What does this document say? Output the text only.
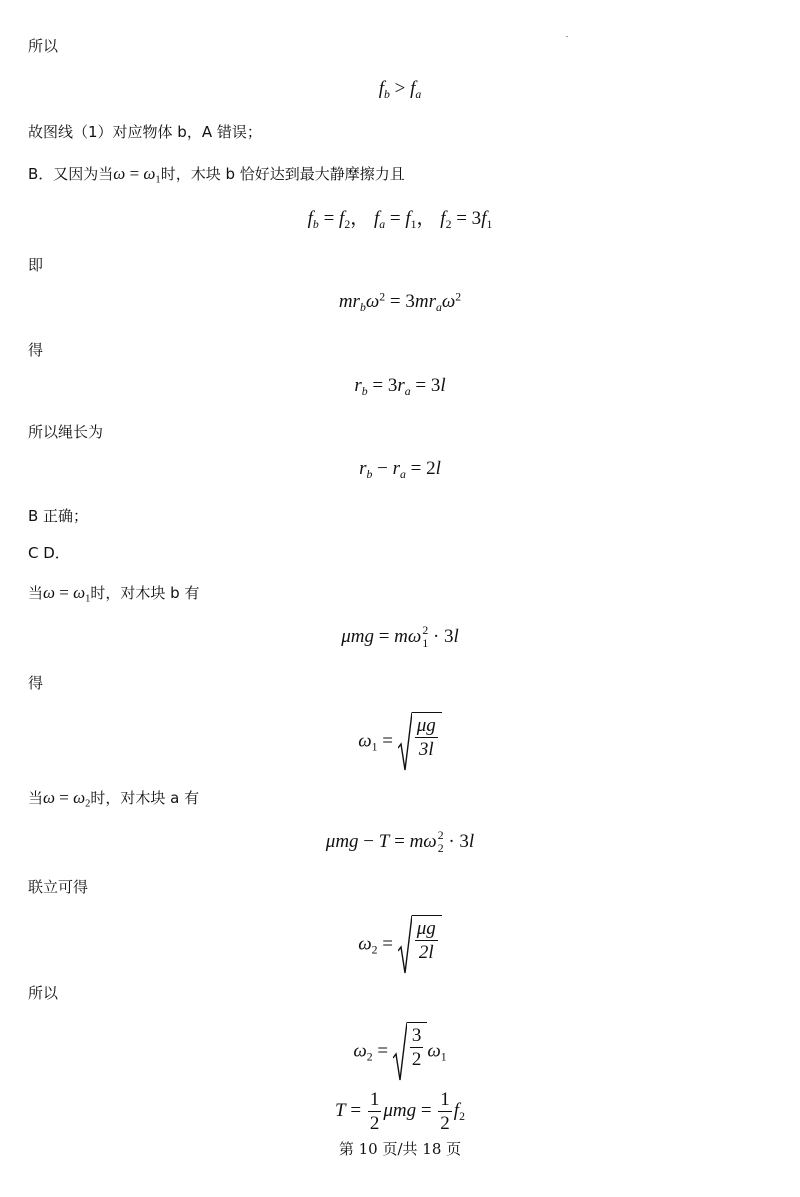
所以
$f_b > f_a$
故图线（1）对应物体 b，A 错误；
B．又因为当$\omega = \omega_1$时，木块 b 恰好达到最大静摩擦力且
$f_b = f_2$， $f_a = f_1$， $f_2 = 3f_1$
即
$mr_b\omega^2 = 3mr_a\omega^2$
得
$r_b = 3r_a = 3l$
所以绳长为
$r_b - r_a = 2l$
B 正确；
C D．
当$\omega = \omega_1$时，对木块 b 有
μmg = mω 2
1 · 3l
得
$\omega_1 = \frac{\mu g}{3l}$
当$\omega = \omega_2$时，对木块 a 有
μmg − T = mω 2
2 · 3l
联立可得
$\omega_2 = \frac{\mu g}{2l}$
所以
$\omega_2 = \frac{3}{2} \omega_1$
$T = \frac{1}{2}$ $\mu mg = \frac{1}{2} f_2$
第 10 页/共 18 页
